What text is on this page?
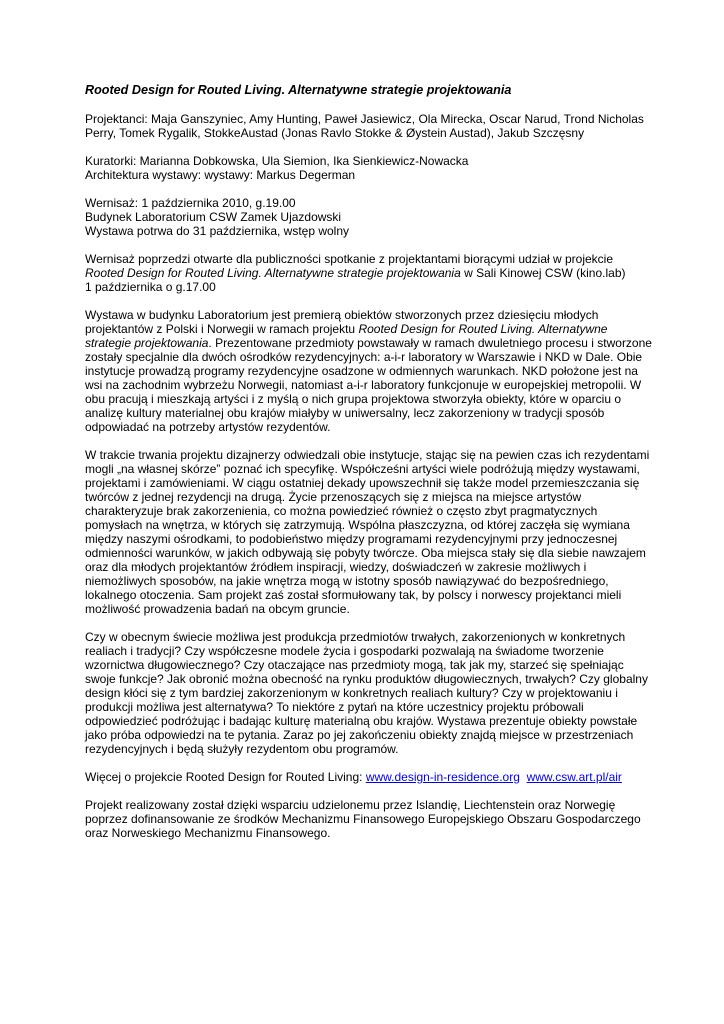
Rooted Design for Routed Living. Alternatywne strategie projektowania

Projektanci: Maja Ganszyniec, Amy Hunting, Paweł Jasiewicz, Ola Mirecka, Oscar Narud, Trond Nicholas Perry, Tomek Rygalik, StokkeAustad (Jonas Ravlo Stokke & Øystein Austad), Jakub Szczęsny

Kuratorki: Marianna Dobkowska, Ula Siemion, Ika Sienkiewicz-Nowacka

Architektura wystawy: wystawy: Markus Degerman

Wernisaż: 1 października 2010, g.19.00

Budynek Laboratorium CSW Zamek Ujazdowski

Wystawa potrwa do 31 października, wstęp wolny

Wernisaż poprzedzi otwarte dla publiczności spotkanie z projektantami biorącymi udział w projekcie Rooted Design for Routed Living. Alternatywne strategie projektowania w Sali Kinowej CSW (kino.lab)

1 października o g.17.00

Wystawa w budynku Laboratorium jest premierą obiektów stworzonych przez dziesięciu młodych projektantów z Polski i Norwegii w ramach projektu Rooted Design for Routed Living. Alternatywne strategie projektowania. Prezentowane przedmioty powstawały w ramach dwuletniego procesu i stworzone zostały specjalnie dla dwóch ośrodków rezydencyjnych: a-i-r laboratory w Warszawie i NKD w Dale. Obie instytucje prowadzą programy rezydencyjne osadzone w odmiennych warunkach. NKD położone jest na wsi na zachodnim wybrzeżu Norwegii, natomiast a-i-r laboratory funkcjonuje w europejskiej metropolii. W obu pracują i mieszkają artyści i z myślą o nich grupa projektowa stworzyła obiekty, które w oparciu o analizę kultury materialnej obu krajów miałyby w uniwersalny, lecz zakorzeniony w tradycji sposób odpowiadać na potrzeby artystów rezydentów.

W trakcie trwania projektu dizajnerzy odwiedzali obie instytucje, stając się na pewien czas ich rezydentami mogli „na własnej skórze” poznać ich specyfikę. Współcześni artyści wiele podróżują między wystawami, projektami i zamówieniami. W ciągu ostatniej dekady upowszechnił się także model przemieszczania się twórców z jednej rezydencji na drugą. Życie przenoszących się z miejsca na miejsce artystów charakteryzuje brak zakorzenienia, co można powiedzieć również o często zbyt pragmatycznych pomysłach na wnętrza, w których się zatrzymują. Wspólna płaszczyzna, od której zaczęła się wymiana między naszymi ośrodkami, to podobieństwo między programami rezydencyjnymi przy jednoczesnej odmienności warunków, w jakich odbywają się pobyty twórcze. Oba miejsca stały się dla siebie nawzajem oraz dla młodych projektantów źródłem inspiracji, wiedzy, doświadczeń w zakresie możliwych i niemożliwych sposobów, na jakie wnętrza mogą w istotny sposób nawiązywać do bezpośredniego, lokalnego otoczenia. Sam projekt zaś został sformułowany tak, by polscy i norwescy projektanci mieli możliwość prowadzenia badań na obcym gruncie.

Czy w obecnym świecie możliwa jest produkcja przedmiotów trwałych, zakorzenionych w konkretnych realiach i tradycji? Czy współczesne modele życia i gospodarki pozwalają na świadome tworzenie wzornictwa długowiecznego? Czy otaczające nas przedmioty mogą, tak jak my, starzeć się spełniając swoje funkcje? Jak obronić można obecność na rynku produktów długowiecznych, trwałych? Czy globalny design kłóci się z tym bardziej zakorzenionym w konkretnych realiach kultury? Czy w projektowaniu i produkcji możliwa jest alternatywa? To niektóre z pytań na które uczestnicy projektu próbowali odpowiedzieć podróżując i badając kulturę materialną obu krajów. Wystawa prezentuje obiekty powstałe jako próba odpowiedzi na te pytania. Zaraz po jej zakończeniu obiekty znajdą miejsce w przestrzeniach rezydencyjnych i będą służyły rezydentom obu programów.

Więcej o projekcie Rooted Design for Routed Living: www.design-in-residence.org www.csw.art.pl/air

Projekt realizowany został dzięki wsparciu udzielonemu przez Islandię, Liechtenstein oraz Norwegię poprzez dofinansowanie ze środków Mechanizmu Finansowego Europejskiego Obszaru Gospodarczego oraz Norweskiego Mechanizmu Finansowego.
